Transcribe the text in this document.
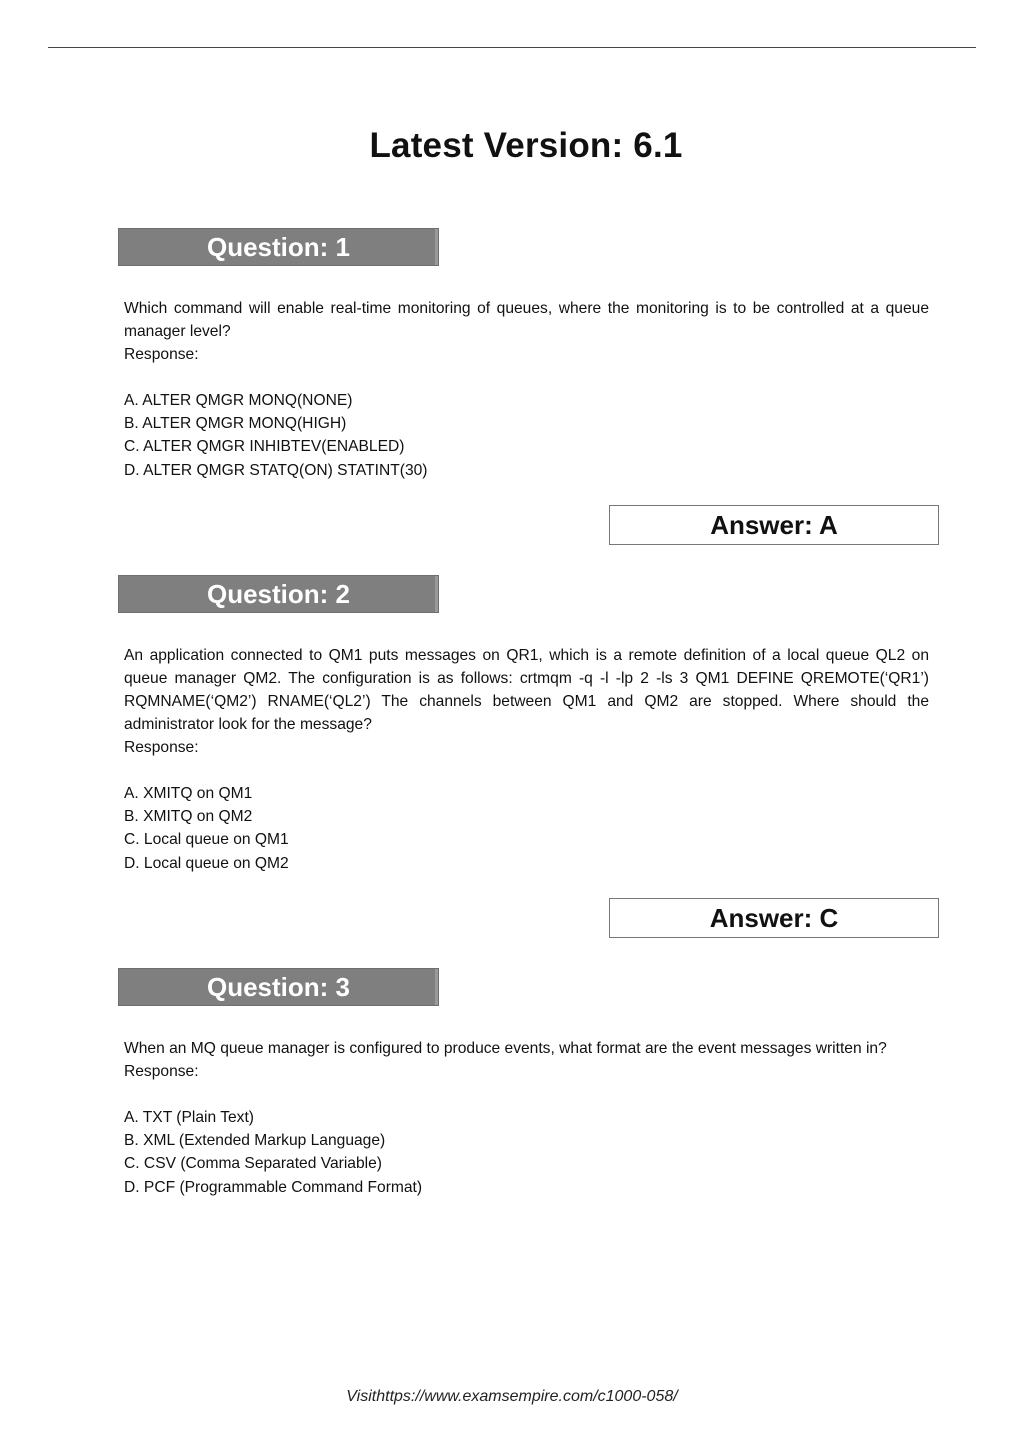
Latest Version: 6.1
Question: 1

Which command will enable real-time monitoring of queues, where the monitoring is to be controlled at a queue manager level?

Response:

A. ALTER QMGR MONQ(NONE)
B. ALTER QMGR MONQ(HIGH)
C. ALTER QMGR INHIBTEV(ENABLED)
D. ALTER QMGR STATQ(ON) STATINT(30)
Answer: A
Question: 2

An application connected to QM1 puts messages on QR1, which is a remote definition of a local queue QL2 on queue manager QM2. The configuration is as follows: crtmqm -q -l -lp 2 -ls 3 QM1 DEFINE QREMOTE(‘QR1’) RQMNAME(‘QM2’) RNAME(‘QL2’) The channels between QM1 and QM2 are stopped. Where should the administrator look for the message?

Response:

A. XMITQ on QM1
B. XMITQ on QM2
C. Local queue on QM1
D. Local queue on QM2
Answer: C
Question: 3

When an MQ queue manager is configured to produce events, what format are the event messages written in?

Response:

A. TXT (Plain Text)
B. XML (Extended Markup Language)
C. CSV (Comma Separated Variable)
D. PCF (Programmable Command Format)
Visithttps://www.examsempire.com/c1000-058/
